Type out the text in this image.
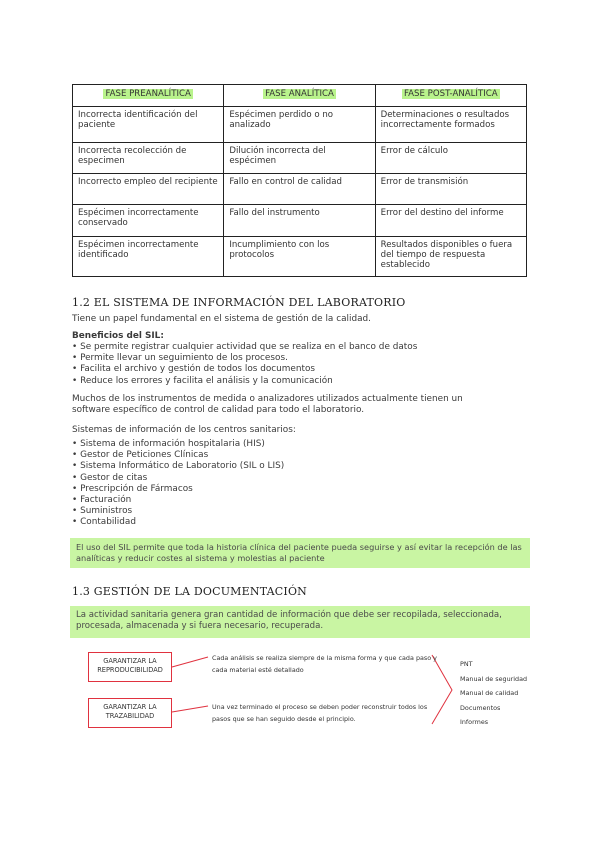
FASE PREANALÍTICA	FASE ANALÍTICA	FASE POST-ANALÍTICA
Incorrecta identificación del paciente	Espécimen perdido o no analizado	Determinaciones o resultados incorrectamente formados
Incorrecta recolección de especimen	Dilución incorrecta del espécimen	Error de cálculo
Incorrecto empleo del recipiente	Fallo en control de calidad	Error de transmisión
Espécimen incorrectamente conservado	Fallo del instrumento	Error del destino del informe
Espécimen incorrectamente identificado	Incumplimiento con los protocolos	Resultados disponibles o fuera del tiempo de respuesta establecido
1.2 EL SISTEMA DE INFORMACIÓN DEL LABORATORIO
Tiene un papel fundamental en el sistema de gestión de la calidad.
Beneficios del SIL:
• Se permite registrar cualquier actividad que se realiza en el banco de datos
• Permite llevar un seguimiento de los procesos.
• Facilita el archivo y gestión de todos los documentos
• Reduce los errores y facilita el análisis y la comunicación
Muchos de los instrumentos de medida o analizadores utilizados actualmente tienen un
software específico de control de calidad para todo el laboratorio.
Sistemas de información de los centros sanitarios:
• Sistema de información hospitalaria (HIS)
• Gestor de Peticiones Clínicas
• Sistema Informático de Laboratorio (SIL o LIS)
• Gestor de citas
• Prescripción de Fármacos
• Facturación
• Suministros
• Contabilidad
El uso del SIL permite que toda la historia clínica del paciente pueda seguirse y así evitar la recepción de las
analíticas y reducir costes al sistema y molestias al paciente
1.3 GESTIÓN DE LA DOCUMENTACIÓN
La actividad sanitaria genera gran cantidad de información que debe ser recopilada, seleccionada,
procesada, almacenada y si fuera necesario, recuperada.
GARANTIZAR LA REPRODUCIBILIDAD
GARANTIZAR LA TRAZABILIDAD
Cada análisis se realiza siempre de la misma forma y que cada paso y
cada material esté detallado
Una vez terminado el proceso se deben poder reconstruir todos los
pasos que se han seguido desde el principio.
PNT
Manual de seguridad
Manual de calidad
Documentos
Informes
